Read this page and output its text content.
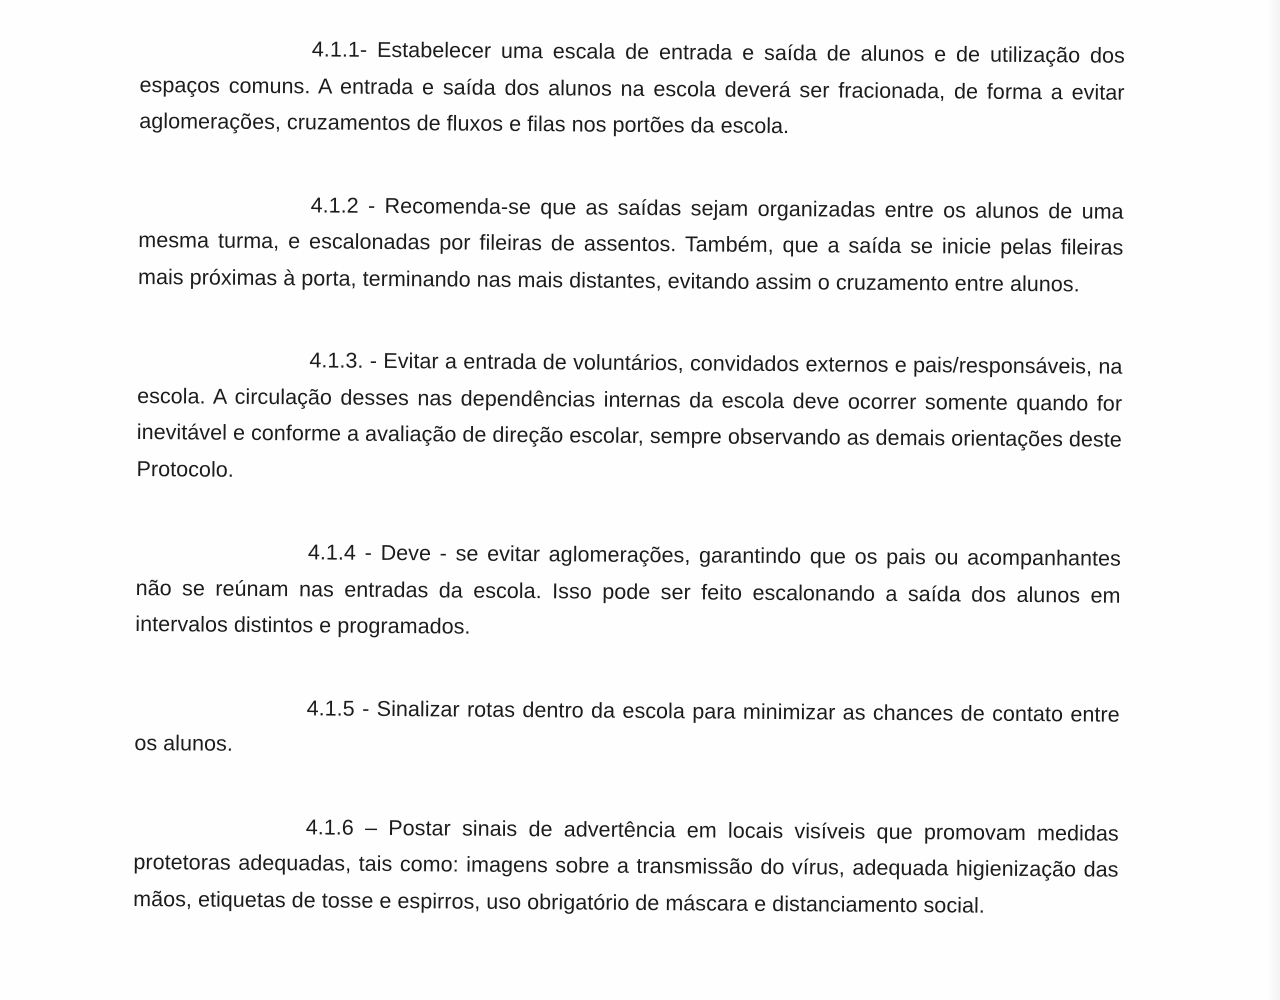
4.1.1- Estabelecer uma escala de entrada e saída de alunos e de utilização dos espaços comuns. A entrada e saída dos alunos na escola deverá ser fracionada, de forma a evitar aglomerações, cruzamentos de fluxos e filas nos portões da escola.

4.1.2 - Recomenda-se que as saídas sejam organizadas entre os alunos de uma mesma turma, e escalonadas por fileiras de assentos. Também, que a saída se inicie pelas fileiras mais próximas à porta, terminando nas mais distantes, evitando assim o cruzamento entre alunos.

4.1.3. - Evitar a entrada de voluntários, convidados externos e pais/responsáveis, na escola. A circulação desses nas dependências internas da escola deve ocorrer somente quando for inevitável e conforme a avaliação de direção escolar, sempre observando as demais orientações deste Protocolo.

4.1.4 - Deve - se evitar aglomerações, garantindo que os pais ou acompanhantes não se reúnam nas entradas da escola. Isso pode ser feito escalonando a saída dos alunos em intervalos distintos e programados.

4.1.5 - Sinalizar rotas dentro da escola para minimizar as chances de contato entre os alunos.

4.1.6 – Postar sinais de advertência em locais visíveis que promovam medidas protetoras adequadas, tais como: imagens sobre a transmissão do vírus, adequada higienização das mãos, etiquetas de tosse e espirros, uso obrigatório de máscara e distanciamento social.
